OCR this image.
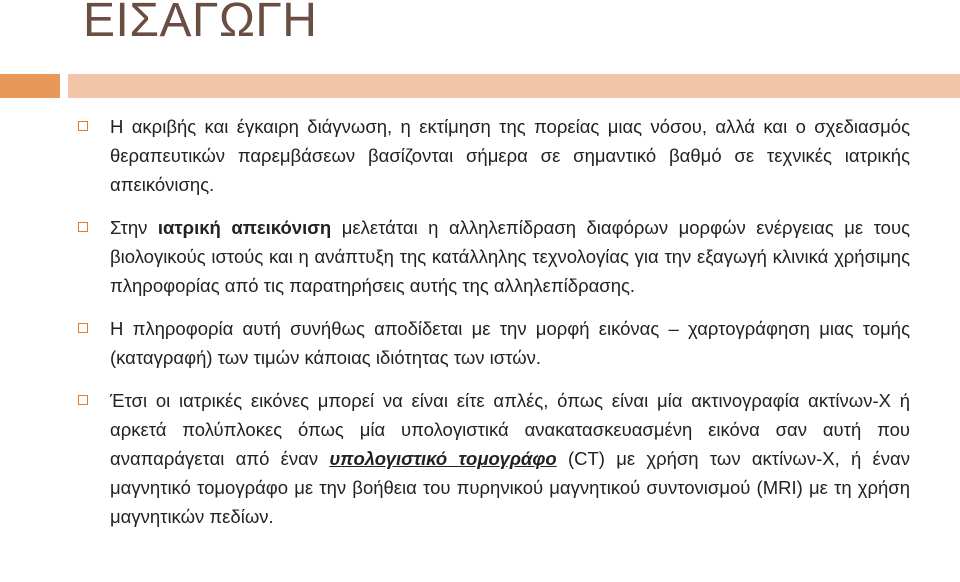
ΕΙΣΑΓΩΓΗ
Η ακριβής και έγκαιρη διάγνωση, η εκτίμηση της πορείας μιας νόσου, αλλά και ο σχεδιασμός θεραπευτικών παρεμβάσεων βασίζονται σήμερα σε σημαντικό βαθμό σε τεχνικές ιατρικής απεικόνισης.
Στην ιατρική απεικόνιση μελετάται η αλληλεπίδραση διαφόρων μορφών ενέργειας με τους βιολογικούς ιστούς και η ανάπτυξη της κατάλληλης τεχνολογίας για την εξαγωγή κλινικά χρήσιμης πληροφορίας από τις παρατηρήσεις αυτής της αλληλεπίδρασης.
Η πληροφορία αυτή συνήθως αποδίδεται με την μορφή εικόνας – χαρτογράφηση μιας τομής (καταγραφή) των τιμών κάποιας ιδιότητας των ιστών.
Έτσι οι ιατρικές εικόνες μπορεί να είναι είτε απλές, όπως είναι μία ακτινογραφία ακτίνων-Χ ή αρκετά πολύπλοκες όπως μία υπολογιστικά ανακατασκευασμένη εικόνα σαν αυτή που αναπαράγεται από έναν υπολογιστικό τομογράφο (CT) με χρήση των ακτίνων-Χ, ή έναν μαγνητικό τομογράφο με την βοήθεια του πυρηνικού μαγνητικού συντονισμού (MRI) με τη χρήση μαγνητικών πεδίων.
